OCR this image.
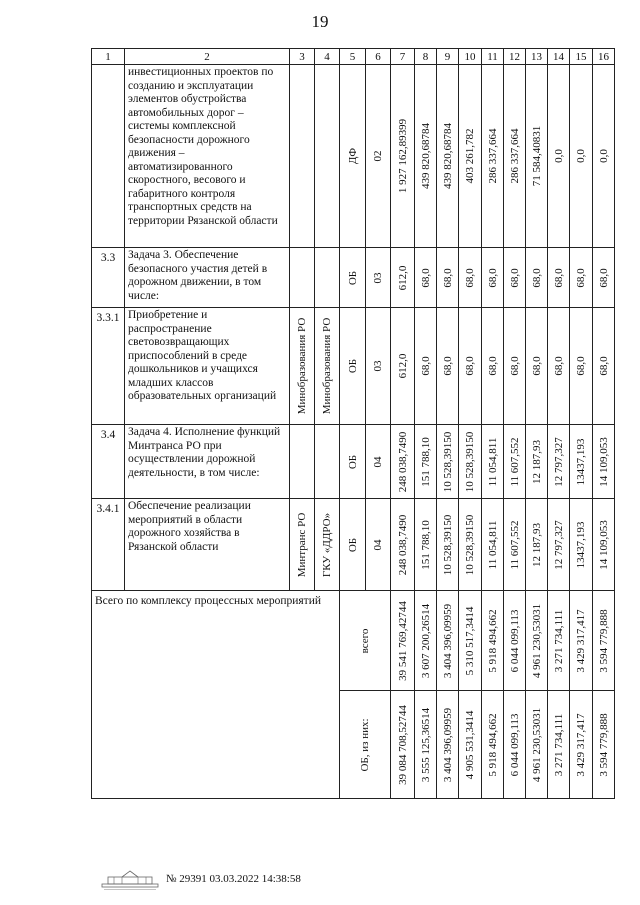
19
1	2	3	4	5	6	7	8	9	10	11	12	13	14	15	16
	инвестиционных проектов по созданию и эксплуатации элементов обустройства автомобильных дорог – системы комплексной безопасности дорожного движения – автоматизированного скоростного, весового и габаритного контроля транспортных средств на территории Рязанской области			ДФ	02	1 927 162,89399	439 820,68784	439 820,68784	403 261,782	286 337,664	286 337,664	71 584,40831	0,0	0,0	0,0

3.3	Задача 3. Обеспечение безопасного участия детей в дорожном движении, в том числе:			ОБ	03	612,0	68,0	68,0	68,0	68,0	68,0	68,0	68,0	68,0	68,0

3.3.1	Приобретение и распространение световозвращающих приспособлений в среде дошкольников и учащихся младших классов образовательных организаций	Минобразования РО	Минобразования РО	ОБ	03	612,0	68,0	68,0	68,0	68,0	68,0	68,0	68,0	68,0	68,0

3.4	Задача 4. Исполнение функций Минтранса РО при осуществлении дорожной деятельности, в том числе:			ОБ	04	248 038,7490	151 788,10	10 528,39150	10 528,39150	11 054,811	11 607,552	12 187,93	12 797,327	13437,193	14 109,053

3.4.1	Обеспечение реализации мероприятий в области дорожного хозяйства в Рязанской области	Минтранс РО	ГКУ «ДДРО»	ОБ	04	248 038,7490	151 788,10	10 528,39150	10 528,39150	11 054,811	11 607,552	12 187,93	12 797,327	13437,193	14 109,053

Всего по комплексу процессных мероприятий				всего		39 541 769,42744	3 607 200,26514	3 404 396,09959	5 310 517,3414	5 918 494,662	6 044 099,113	4 961 230,53031	3 271 734,111	3 429 317,417	3 594 779,888

				ОБ, из них:		39 084 708,52744	3 555 125,36514	3 404 396,09959	4 905 531,3414	5 918 494,662	6 044 099,113	4 961 230,53031	3 271 734,111	3 429 317,417	3 594 779,888
№ 29391 03.03.2022 14:38:58
